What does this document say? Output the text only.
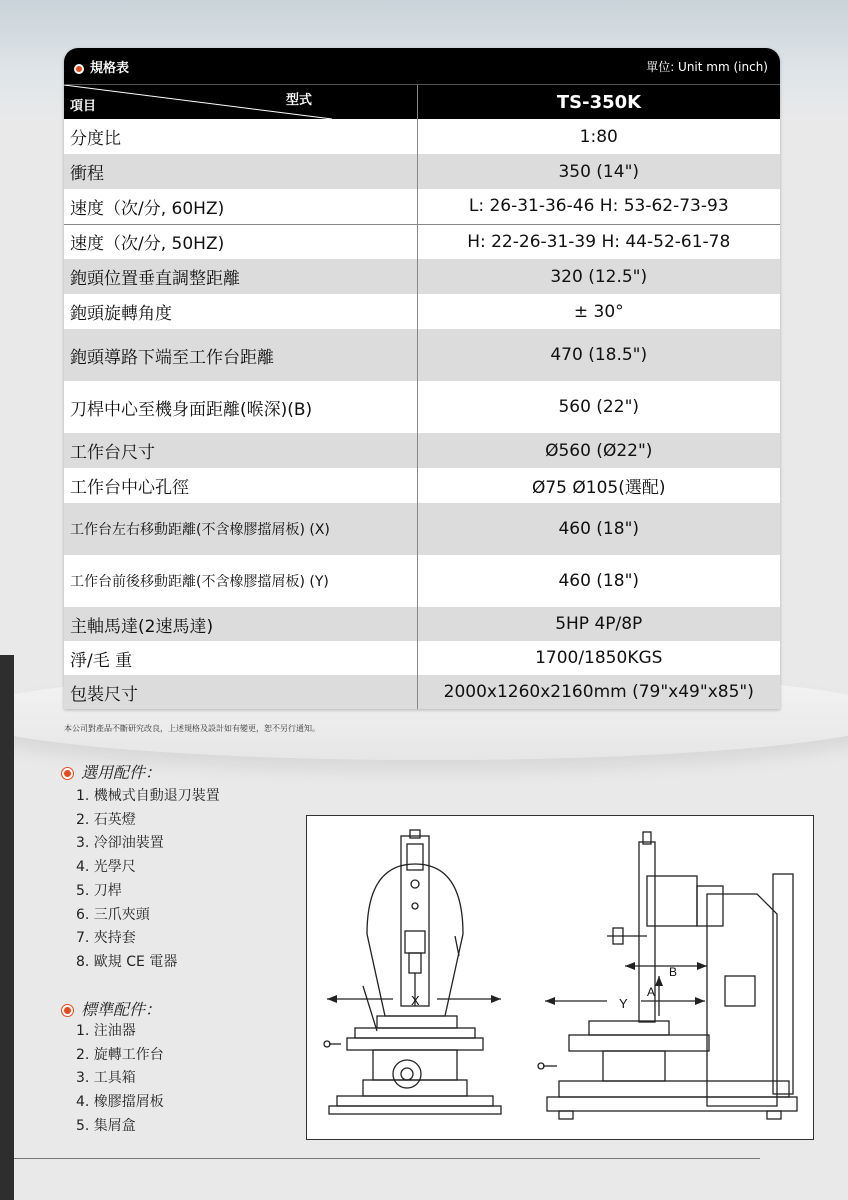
規格表	單位: Unit mm (inch)
項目	型式	TS-350K
分度比	1:80
衝程	350 (14")
速度（次/分, 60HZ)	L: 26-31-36-46 H: 53-62-73-93
速度（次/分, 50HZ)	H: 22-26-31-39 H: 44-52-61-78
鉋頭位置垂直調整距離	320 (12.5")
鉋頭旋轉角度	± 30°
鉋頭導路下端至工作台距離	470 (18.5")
刀桿中心至機身面距離(喉深)(B)	560 (22")
工作台尺寸	Ø560 (Ø22")
工作台中心孔徑	Ø75 Ø105(選配)
工作台左右移動距離(不含橡膠擋屑板) (X)	460 (18")
工作台前後移動距離(不含橡膠擋屑板) (Y)	460 (18")
主軸馬達(2速馬達)	5HP 4P/8P
淨/毛 重	1700/1850KGS
包裝尺寸	2000x1260x2160mm (79"x49"x85")
本公司對產品不斷研究改良，上述規格及設計如有變更，恕不另行通知。
選用配件：
1. 機械式自動退刀裝置
2. 石英燈
3. 冷卻油裝置
4. 光學尺
5. 刀桿
6. 三爪夾頭
7. 夾持套
8. 歐規 CE 電器
標準配件：
1. 注油器
2. 旋轉工作台
3. 工具箱
4. 橡膠擋屑板
5. 集屑盒
X
B
A
Y
